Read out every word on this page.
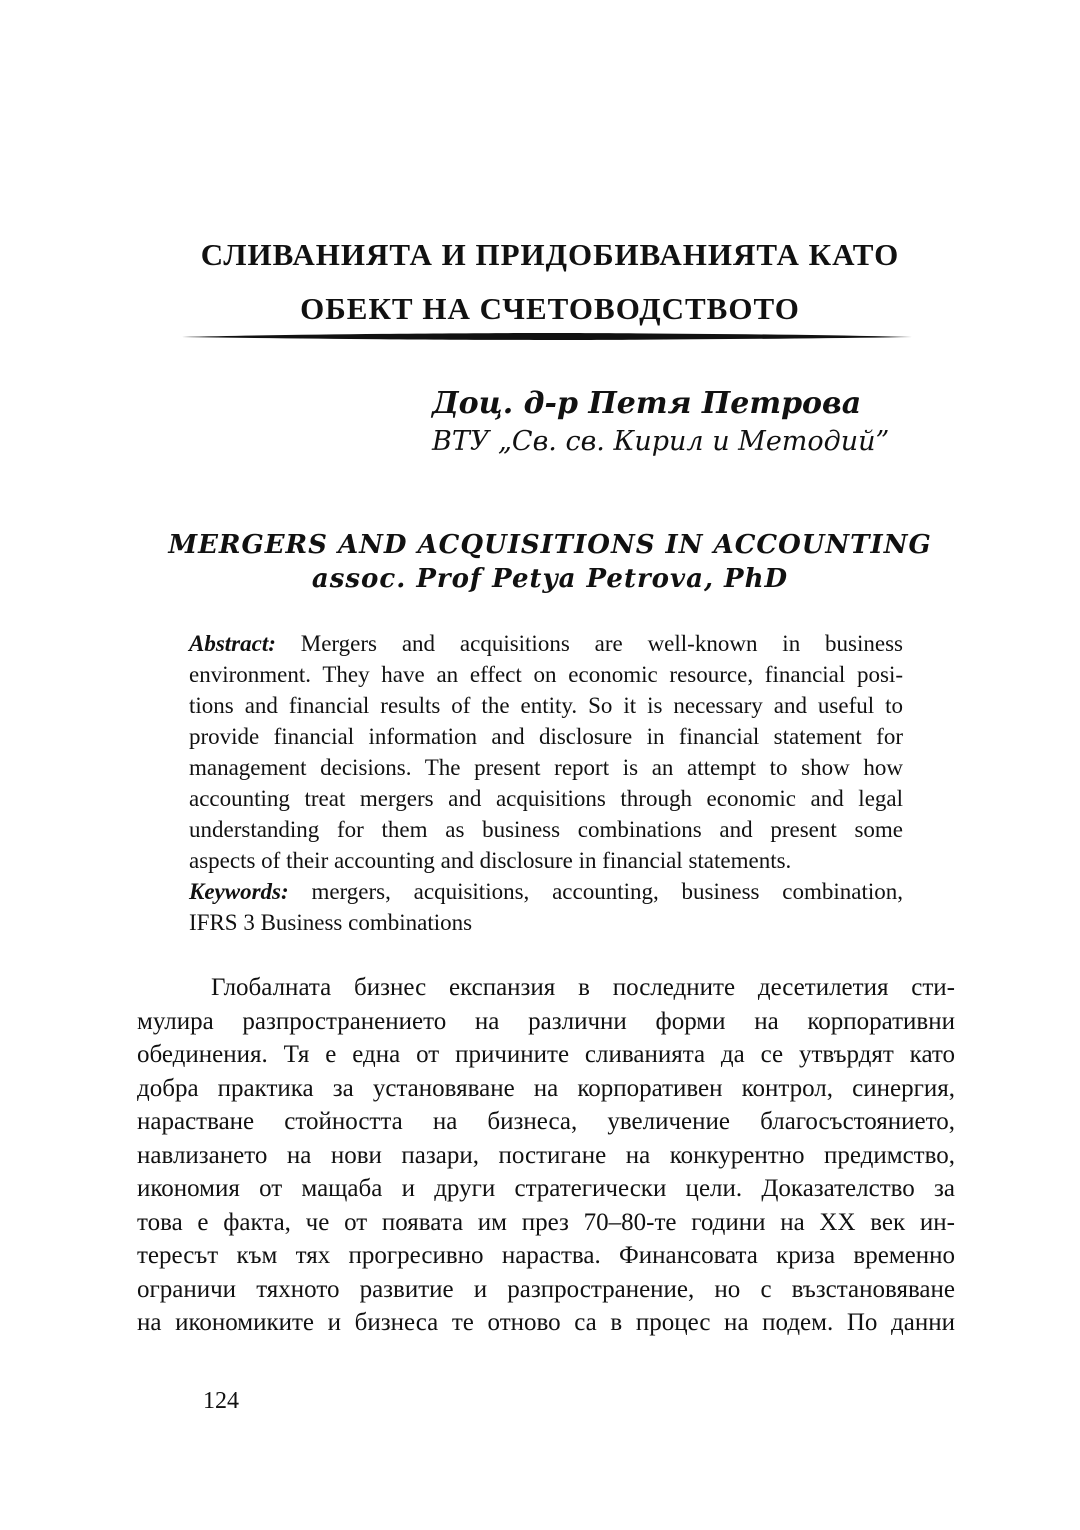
СЛИВАНИЯТА И ПРИДОБИВАНИЯТА КАТО
ОБЕКТ НА СЧЕТОВОДСТВОТО
Доц. д-р Петя Петрова
ВТУ „Св. св. Кирил и Методий”
MERGERS AND ACQUISITIONS IN ACCOUNTING
assoc. Prof Petya Petrova, PhD
Abstract: Mergers and acquisitions are well-known in business
environment. They have an effect on economic resource, financial posi-
tions and financial results of the entity. So it is necessary and useful to
provide financial information and disclosure in financial statement for
management decisions. The present report is an attempt to show how
accounting treat mergers and acquisitions through economic and legal
understanding for them as business combinations and present some
aspects of their accounting and disclosure in financial statements.
Keywords: mergers, acquisitions, accounting, business combination,
IFRS 3 Business combinations
Глобалната бизнес експанзия в последните десетилетия сти-
мулира разпространението на различни форми на корпоративни
обединения. Тя е една от причините сливанията да се утвърдят като
добра практика за установяване на корпоративен контрол, синергия,
нарастване стойността на бизнеса, увеличение благосъстоянието,
навлизането на нови пазари, постигане на конкурентно предимство,
икономия от мащаба и други стратегически цели. Доказателство за
това е факта, че от появата им през 70–80-те години на ХХ век ин-
тересът към тях прогресивно нараства. Финансовата криза временно
ограничи тяхното развитие и разпространение, но с възстановяване
на икономиките и бизнеса те отново са в процес на подем. По данни
124
